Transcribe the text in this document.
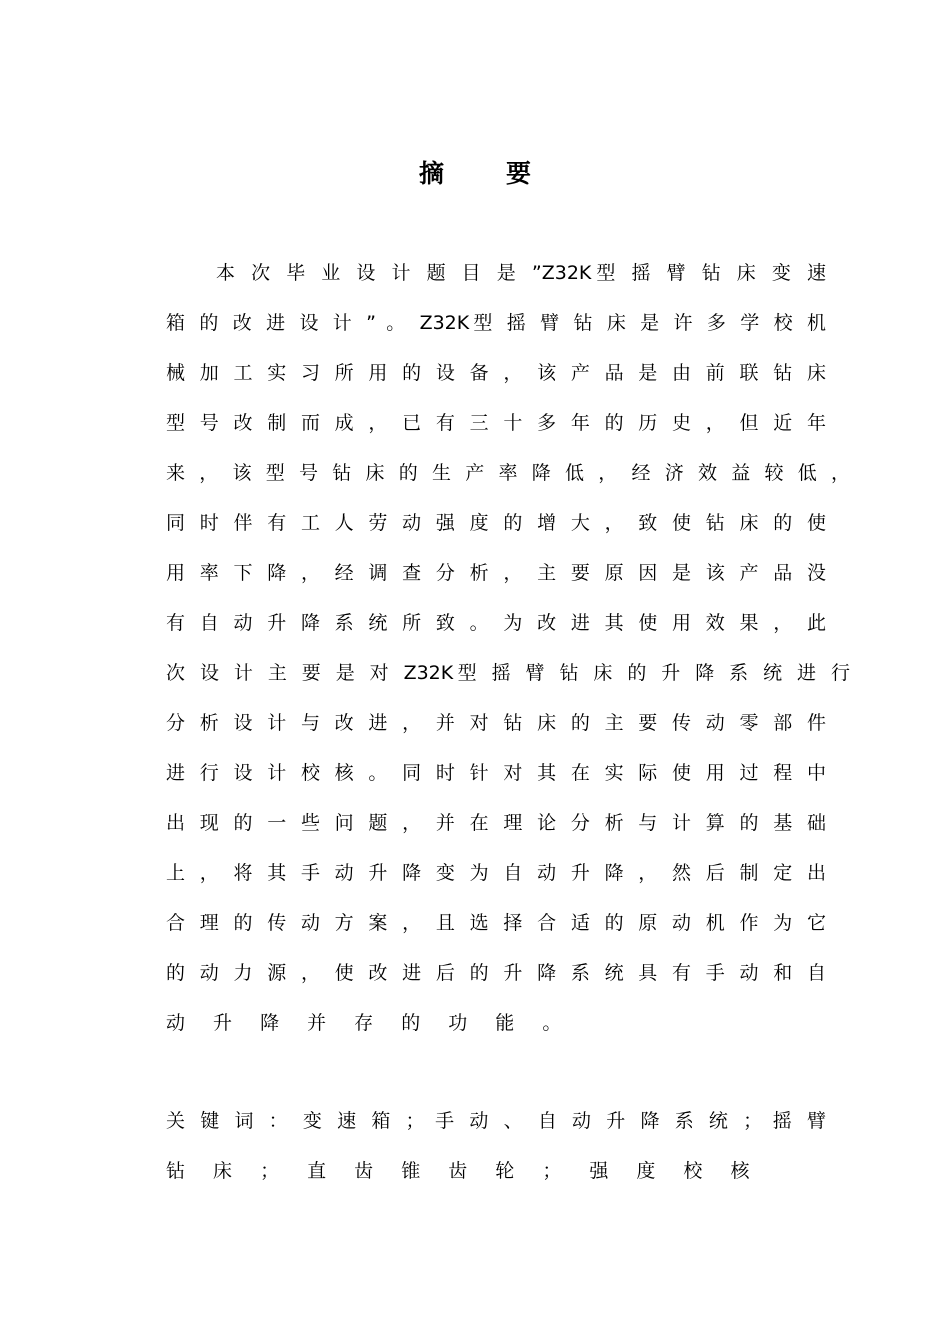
摘 要
本 次 毕 业 设 计 题 目 是 ”Z32K型 摇 臂 钻 床 变 速
箱 的 改 进 设 计 ” 。 Z32K型 摇 臂 钻 床 是 许 多 学 校 机
械 加 工 实 习 所 用 的 设 备 ， 该 产 品 是 由 前 联 钻 床
型 号 改 制 而 成 ， 已 有 三 十 多 年 的 历 史 ， 但 近 年
来 ， 该 型 号 钻 床 的 生 产 率 降 低 ， 经 济 效 益 较 低 ，
同 时 伴 有 工 人 劳 动 强 度 的 增 大 ， 致 使 钻 床 的 使
用 率 下 降 ， 经 调 查 分 析 ， 主 要 原 因 是 该 产 品 没
有 自 动 升 降 系 统 所 致 。 为 改 进 其 使 用 效 果 ， 此
次 设 计 主 要 是 对 Z32K型 摇 臂 钻 床 的 升 降 系 统 进 行
分 析 设 计 与 改 进 ， 并 对 钻 床 的 主 要 传 动 零 部 件
进 行 设 计 校 核 。 同 时 针 对 其 在 实 际 使 用 过 程 中
出 现 的 一 些 问 题 ， 并 在 理 论 分 析 与 计 算 的 基 础
上 ， 将 其 手 动 升 降 变 为 自 动 升 降 ， 然 后 制 定 出
合 理 的 传 动 方 案 ， 且 选 择 合 适 的 原 动 机 作 为 它
的 动 力 源 ， 使 改 进 后 的 升 降 系 统 具 有 手 动 和 自
动 升 降 并 存 的 功 能 。
关 键 词 ： 变 速 箱 ； 手 动 、 自 动 升 降 系 统 ； 摇 臂
钻 床 ； 直 齿 锥 齿 轮 ； 强 度 校 核
